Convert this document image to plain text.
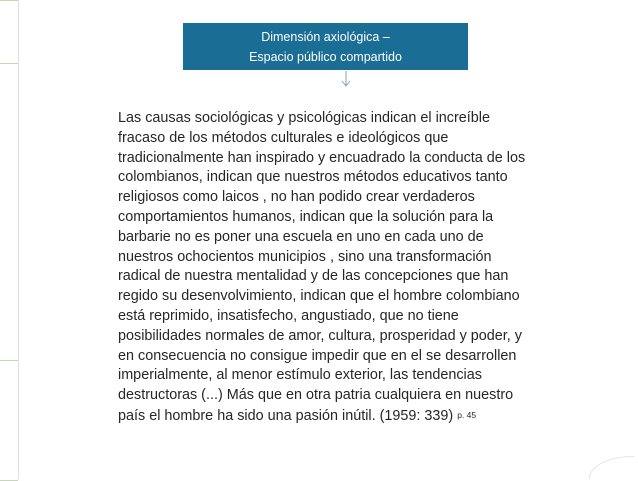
Dimensión axiológica –
Espacio público compartido
Las causas sociológicas y psicológicas indican el increíble
fracaso de los métodos culturales e ideológicos que
tradicionalmente han inspirado y encuadrado la conducta de los
colombianos, indican que nuestros métodos educativos tanto
religiosos como laicos , no han podido crear verdaderos
comportamientos humanos, indican que la solución para la
barbarie no es poner una escuela en uno en cada uno de
nuestros ochocientos municipios , sino una transformación
radical de nuestra mentalidad y de las concepciones que han
regido su desenvolvimiento, indican que el hombre colombiano
está reprimido, insatisfecho, angustiado, que no tiene
posibilidades normales de amor, cultura, prosperidad y poder, y
en consecuencia no consigue impedir que en el se desarrollen
imperialmente, al menor estímulo exterior, las tendencias
destructoras (...) Más que en otra patria cualquiera en nuestro
país el hombre ha sido una pasión inútil. (1959: 339) p. 45
